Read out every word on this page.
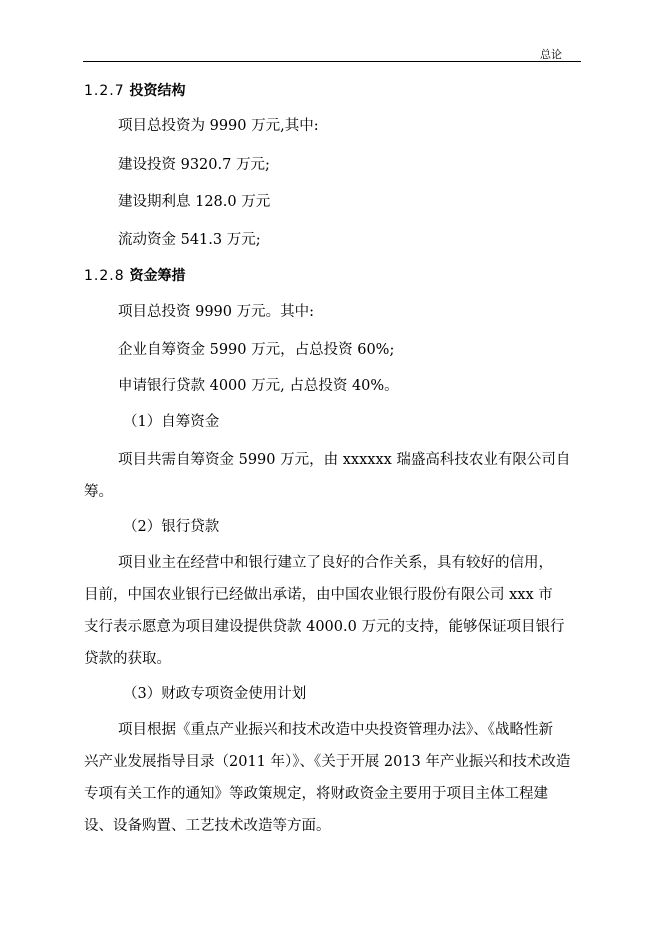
总论
1.2.7 投资结构
项目总投资为 9990 万元,其中:
建设投资 9320.7 万元;
建设期利息 128.0 万元
流动资金 541.3 万元;
1.2.8 资金筹措
项目总投资 9990 万元。其中:
企业自筹资金 5990 万元，占总投资 60%;
申请银行贷款 4000 万元, 占总投资 40%。
（1）自筹资金
项目共需自筹资金 5990 万元，由 xxxxxx 瑞盛高科技农业有限公司自
筹。
（2）银行贷款
项目业主在经营中和银行建立了良好的合作关系，具有较好的信用，
目前，中国农业银行已经做出承诺，由中国农业银行股份有限公司 xxx 市
支行表示愿意为项目建设提供贷款 4000.0 万元的支持，能够保证项目银行
贷款的获取。
（3）财政专项资金使用计划
项目根据《重点产业振兴和技术改造中央投资管理办法》、《战略性新
兴产业发展指导目录（2011 年）》、《关于开展 2013 年产业振兴和技术改造
专项有关工作的通知》等政策规定，将财政资金主要用于项目主体工程建
设、设备购置、工艺技术改造等方面。
